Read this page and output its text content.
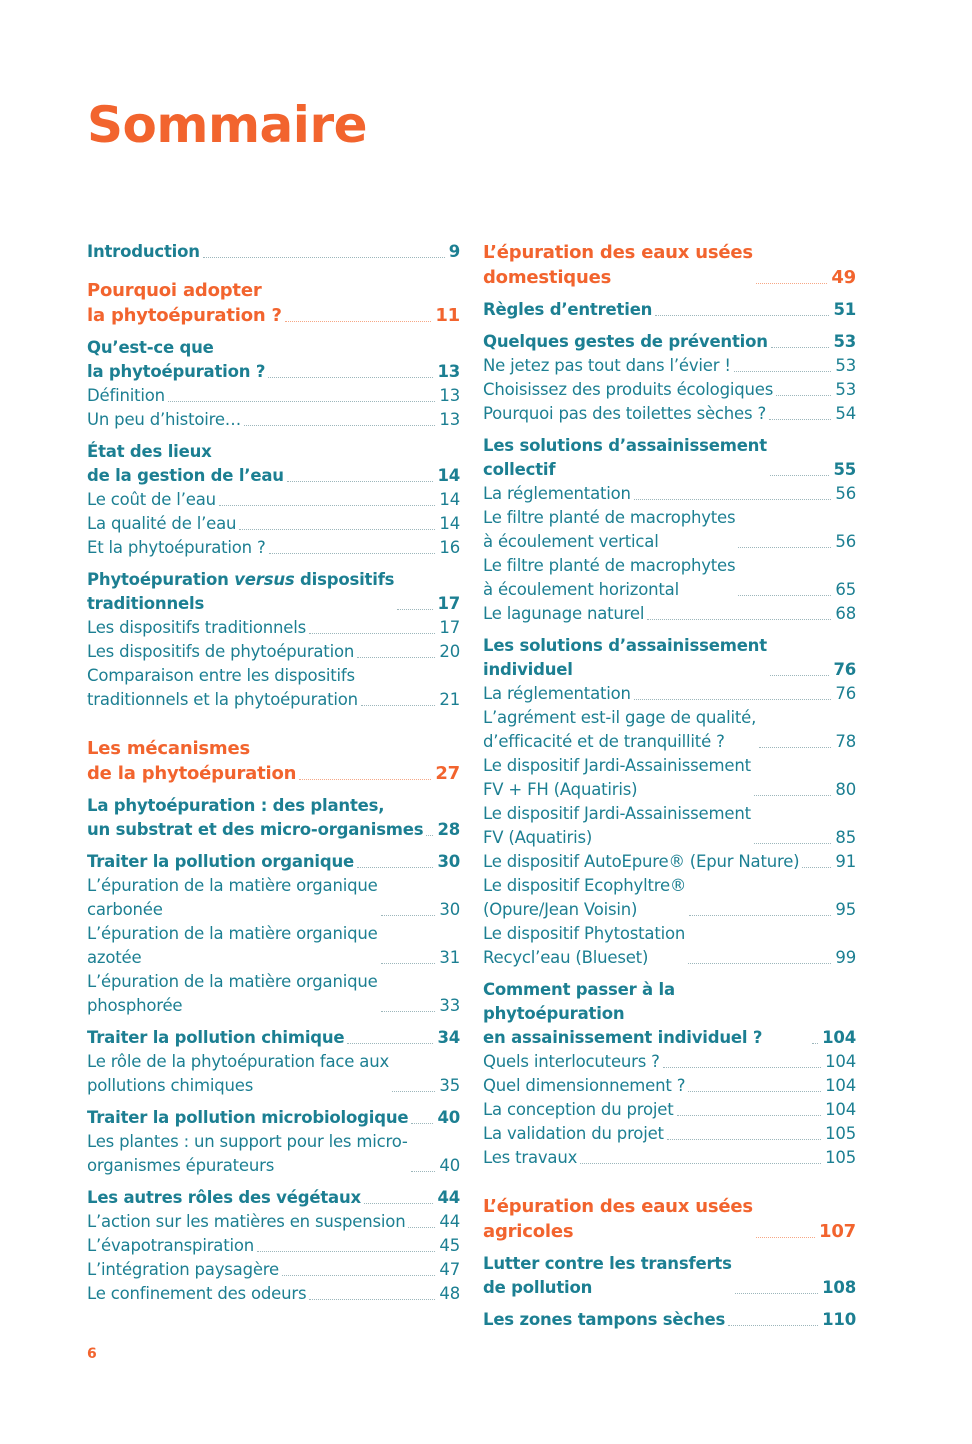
Sommaire
Introduction	9
Pourquoi adopter
la phytoépuration ?	11
Qu’est-ce que
la phytoépuration ?	13
Définition	13
Un peu d’histoire…	13
État des lieux
de la gestion de l’eau	14
Le coût de l’eau	14
La qualité de l’eau	14
Et la phytoépuration ?	16
Phytoépuration versus dispositifs
traditionnels	17
Les dispositifs traditionnels	17
Les dispositifs de phytoépuration	20
Comparaison entre les dispositifs
traditionnels et la phytoépuration	21
Les mécanismes
de la phytoépuration	27
La phytoépuration : des plantes,
un substrat et des micro-organismes 28
Traiter la pollution organique	30
L’épuration de la matière organique
carbonée	30
L’épuration de la matière organique
azotée	31
L’épuration de la matière organique
phosphorée	33
Traiter la pollution chimique	34
Le rôle de la phytoépuration face aux
pollutions chimiques	35
Traiter la pollution microbiologique 40
Les plantes : un support pour les micro-
organismes épurateurs	40
Les autres rôles des végétaux	44
L’action sur les matières en suspension 44
L’évapotranspiration	45
L’intégration paysagère	47
Le confinement des odeurs	48
L’épuration des eaux usées
domestiques	49
Règles d’entretien	51
Quelques gestes de prévention	53
Ne jetez pas tout dans l’évier !	53
Choisissez des produits écologiques	53
Pourquoi pas des toilettes sèches ?	54
Les solutions d’assainissement
collectif	55
La réglementation	56
Le filtre planté de macrophytes
à écoulement vertical	56
Le filtre planté de macrophytes
à écoulement horizontal	65
Le lagunage naturel	68
Les solutions d’assainissement
individuel	76
La réglementation	76
L’agrément est-il gage de qualité,
d’efficacité et de tranquillité ?	78
Le dispositif Jardi-Assainissement
FV + FH (Aquatiris)	80
Le dispositif Jardi-Assainissement
FV (Aquatiris)	85
Le dispositif AutoEpure® (Epur Nature) 91
Le dispositif Ecophyltre®
(Opure/Jean Voisin)	95
Le dispositif Phytostation
Recycl’eau (Blueset)	99
Comment passer à la phytoépuration
en assainissement individuel ?	104
Quels interlocuteurs ?	104
Quel dimensionnement ?	104
La conception du projet	104
La validation du projet	105
Les travaux	105
L’épuration des eaux usées
agricoles	107
Lutter contre les transferts
de pollution	108
Les zones tampons sèches	110
6
